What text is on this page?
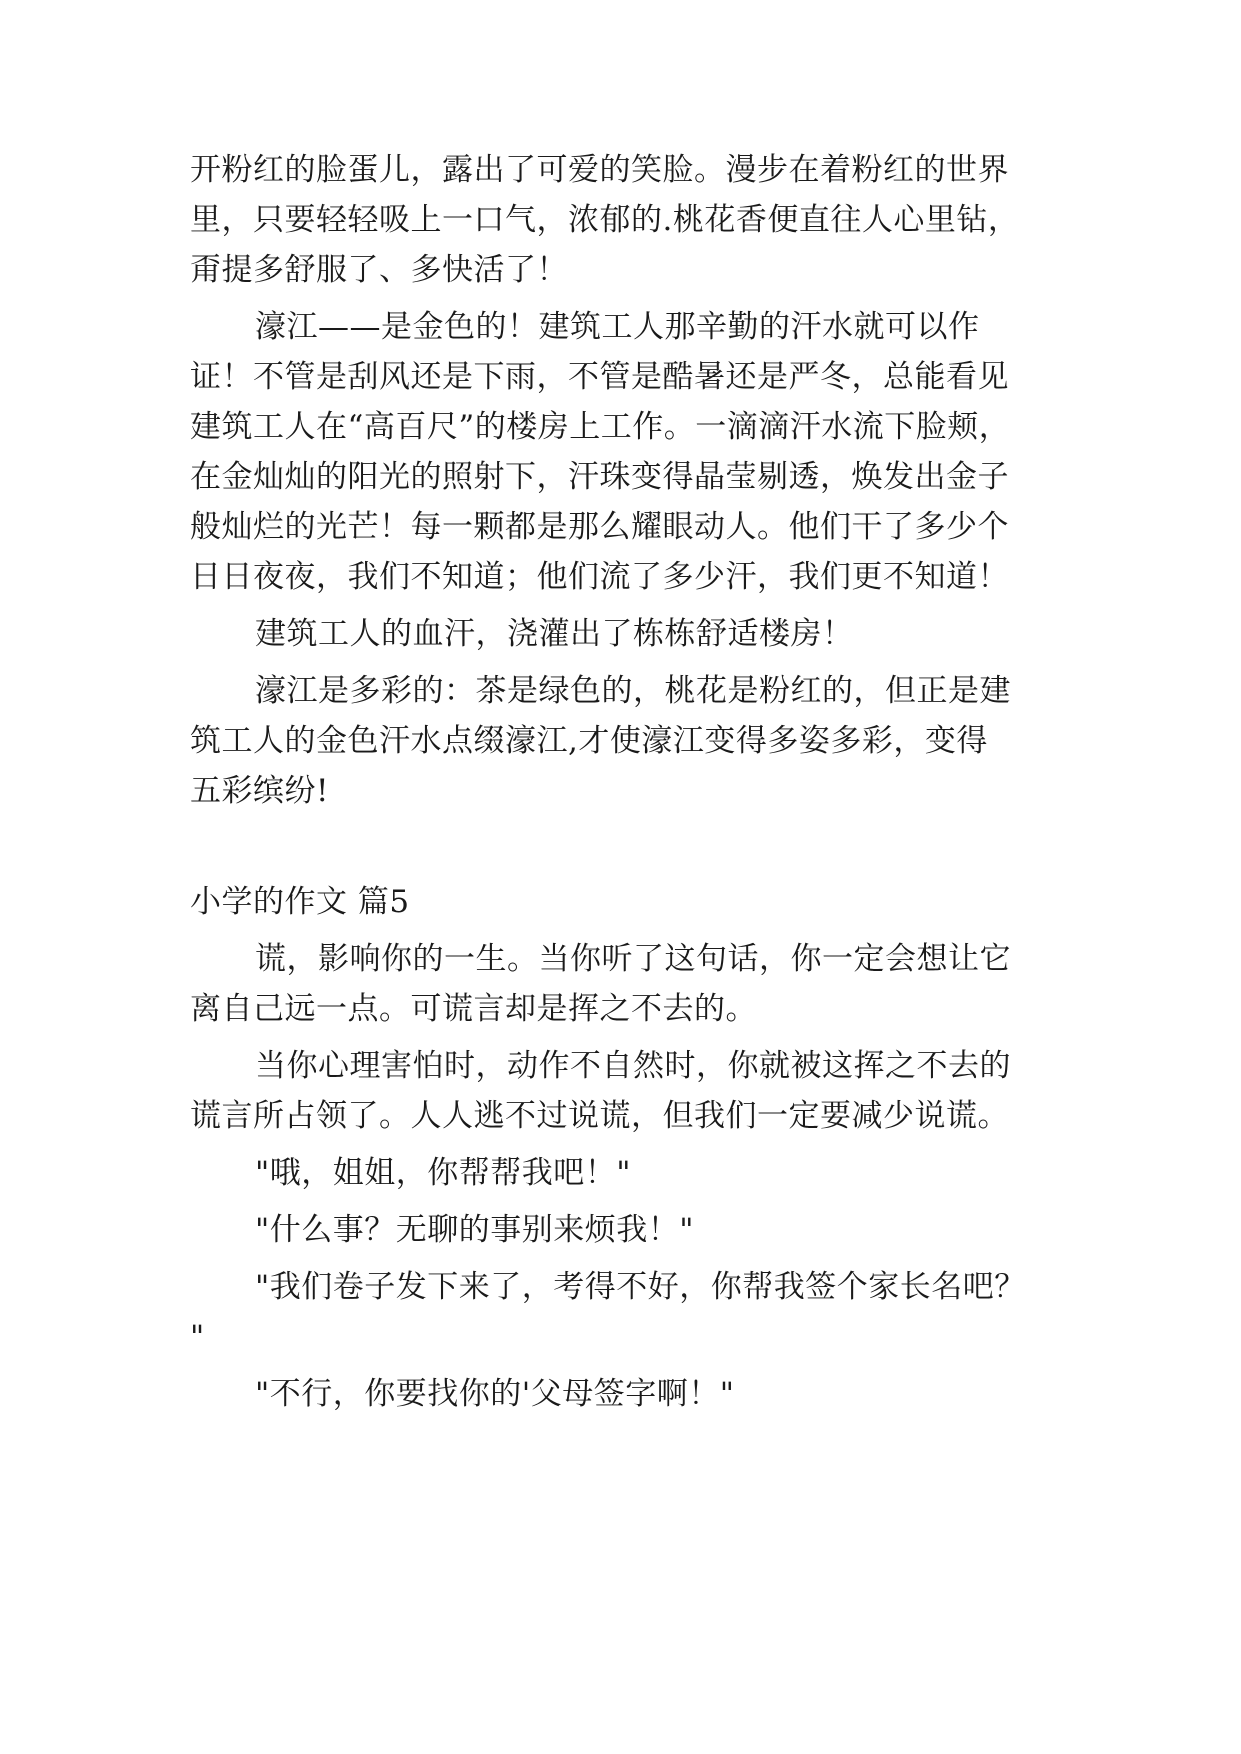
开粉红的脸蛋儿，露出了可爱的笑脸。漫步在着粉红的世界
里，只要轻轻吸上一口气，浓郁的.桃花香便直往人心里钻，
甭提多舒服了、多快活了！
濠江——是金色的！建筑工人那辛勤的汗水就可以作
证！不管是刮风还是下雨，不管是酷暑还是严冬，总能看见
建筑工人在“高百尺”的楼房上工作。一滴滴汗水流下脸颊，
在金灿灿的阳光的照射下，汗珠变得晶莹剔透，焕发出金子
般灿烂的光芒！每一颗都是那么耀眼动人。他们干了多少个
日日夜夜，我们不知道；他们流了多少汗，我们更不知道！
建筑工人的血汗，浇灌出了栋栋舒适楼房！
濠江是多彩的：茶是绿色的，桃花是粉红的，但正是建
筑工人的金色汗水点缀濠江,才使濠江变得多姿多彩，变得
五彩缤纷!
小学的作文 篇5
谎，影响你的一生。当你听了这句话，你一定会想让它
离自己远一点。可谎言却是挥之不去的。
当你心理害怕时，动作不自然时，你就被这挥之不去的
谎言所占领了。人人逃不过说谎，但我们一定要减少说谎。
"哦，姐姐，你帮帮我吧！"
"什么事？无聊的事别来烦我！"
"我们卷子发下来了，考得不好，你帮我签个家长名吧？
"
"不行，你要找你的'父母签字啊！"
